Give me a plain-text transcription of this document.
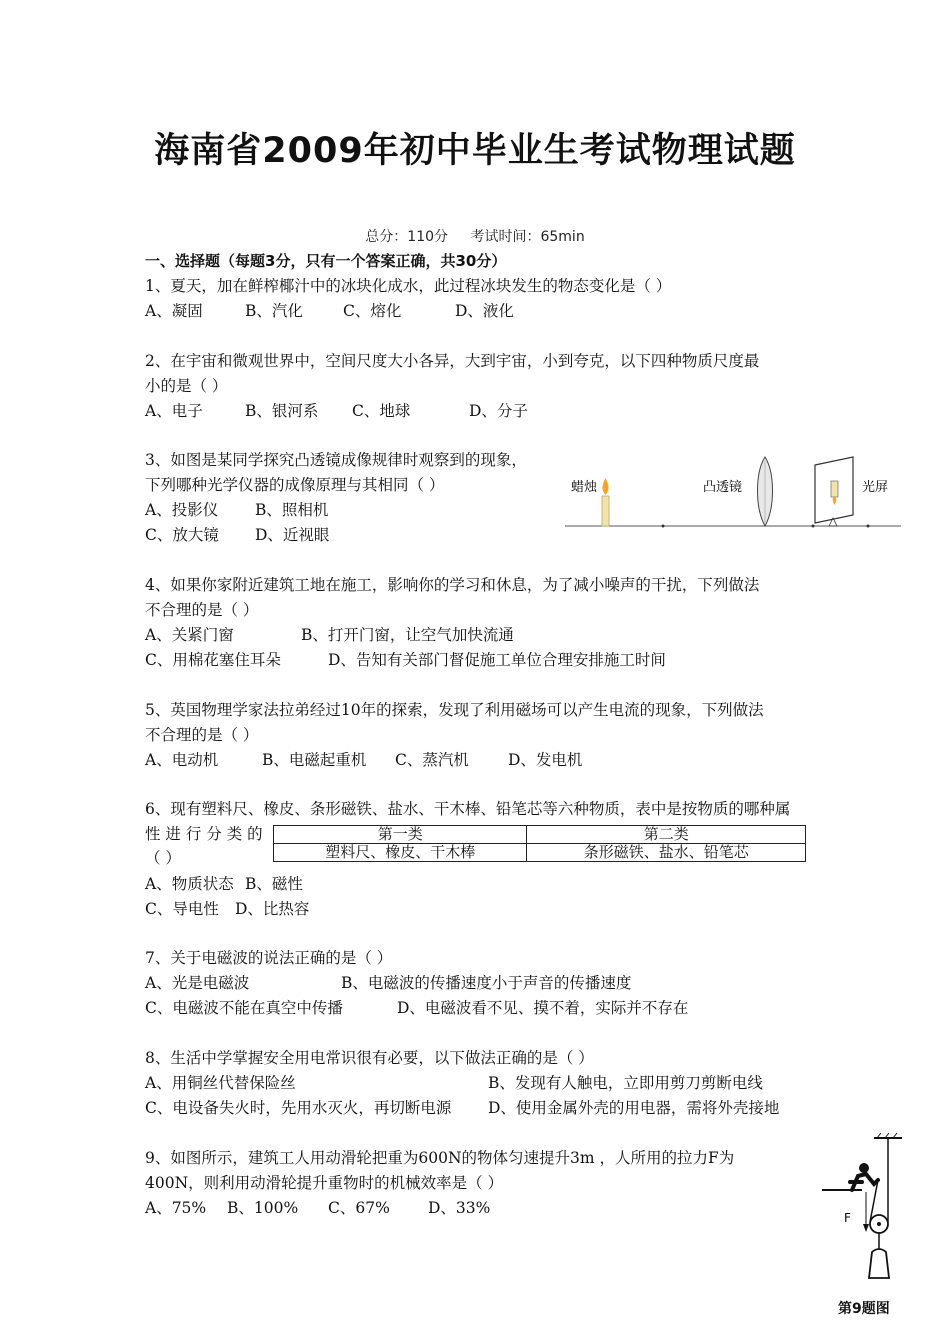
海南省2009年初中毕业生考试物理试题
总分：110分 考试时间：65min
一、选择题（每题3分，只有一个答案正确，共30分）
1、夏天，加在鲜榨椰汁中的冰块化成水，此过程冰块发生的物态变化是（ ）
A、凝固	B、汽化	C、熔化	D、液化
2、在宇宙和微观世界中，空间尺度大小各异，大到宇宙，小到夸克，以下四种物质尺度最
小的是（ ）
A、电子	B、银河系 C、地球	D、分子
3、如图是某同学探究凸透镜成像规律时观察到的现象，
下列哪种光学仪器的成像原理与其相同（ ）
A、投影仪 B、照相机
C、放大镜 D、近视眼
蜡烛	凸透镜	光屏
4、如果你家附近建筑工地在施工，影响你的学习和休息，为了减小噪声的干扰，下列做法
不合理的是（ ）
A、关紧门窗	B、打开门窗，让空气加快流通
C、用棉花塞住耳朵	D、告知有关部门督促施工单位合理安排施工时间
5、英国物理学家法拉弟经过10年的探索，发现了利用磁场可以产生电流的现象，下列做法
不合理的是（ ）
A、电动机	B、电磁起重机 C、蒸汽机	D、发电机
6、现有塑料尺、橡皮、条形磁铁、盐水、干木棒、铅笔芯等六种物质，表中是按物质的哪种属
性 进 行 分 类 的
（ ）
第一类	第二类
塑料尺、橡皮、干木棒	条形磁铁、盐水、铅笔芯
A、物质状态 B、磁性
C、导电性 D、比热容
7、关于电磁波的说法正确的是（ ）
A、光是电磁波	B、电磁波的传播速度小于声音的传播速度
C、电磁波不能在真空中传播	D、电磁波看不见、摸不着，实际并不存在
8、生活中学掌握安全用电常识很有必要，以下做法正确的是（ ）
A、用铜丝代替保险丝	B、发现有人触电，立即用剪刀剪断电线
C、电设备失火时，先用水灭火，再切断电源 D、使用金属外壳的用电器，需将外壳接地
9、如图所示，建筑工人用动滑轮把重为600N的物体匀速提升3m ，人所用的拉力F为
400N，则利用动滑轮提升重物时的机械效率是（ ）
A、75% B、100% C、67% D、33%
F
第9题图
